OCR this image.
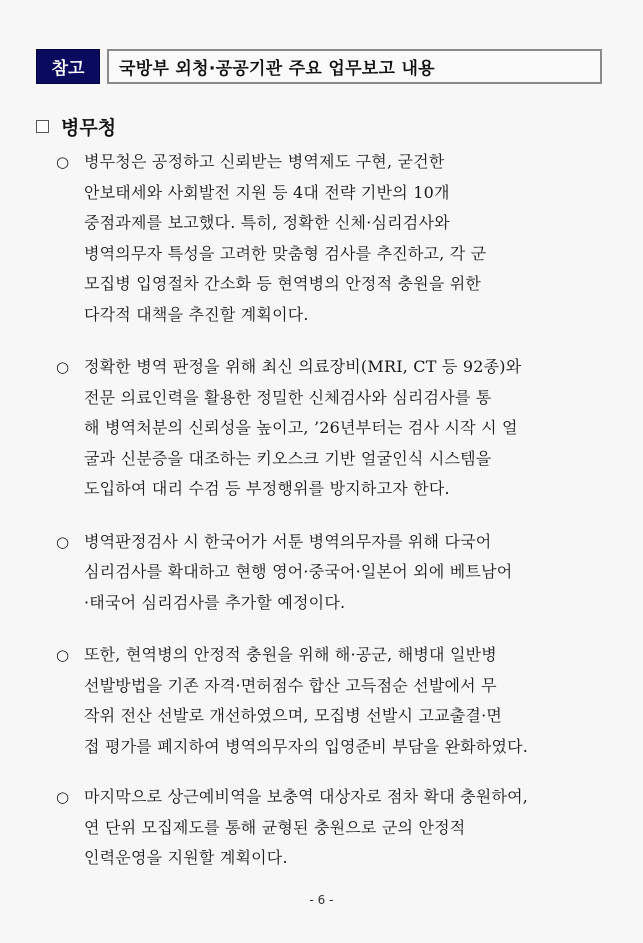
참고	국방부 외청·공공기관 주요 업무보고 내용
병무청
○ 병무청은 공정하고 신뢰받는 병역제도 구현, 굳건한
안보태세와 사회발전 지원 등 4대 전략 기반의 10개
중점과제를 보고했다. 특히, 정확한 신체·심리검사와
병역의무자 특성을 고려한 맞춤형 검사를 추진하고, 각 군
모집병 입영절차 간소화 등 현역병의 안정적 충원을 위한
다각적 대책을 추진할 계획이다.
○ 정확한 병역 판정을 위해 최신 의료장비(MRI, CT 등 92종)와
전문 의료인력을 활용한 정밀한 신체검사와 심리검사를 통
해 병역처분의 신뢰성을 높이고, ’26년부터는 검사 시작 시 얼
굴과 신분증을 대조하는 키오스크 기반 얼굴인식 시스템을
도입하여 대리 수검 등 부정행위를 방지하고자 한다.
○ 병역판정검사 시 한국어가 서툰 병역의무자를 위해 다국어
심리검사를 확대하고 현행 영어·중국어·일본어 외에 베트남어
·태국어 심리검사를 추가할 예정이다.
○ 또한, 현역병의 안정적 충원을 위해 해·공군, 해병대 일반병
선발방법을 기존 자격·면허점수 합산 고득점순 선발에서 무
작위 전산 선발로 개선하였으며, 모집병 선발시 고교출결·면
접 평가를 폐지하여 병역의무자의 입영준비 부담을 완화하였다.
○ 마지막으로 상근예비역을 보충역 대상자로 점차 확대 충원하여,
연 단위 모집제도를 통해 균형된 충원으로 군의 안정적
인력운영을 지원할 계획이다.
- 6 -
